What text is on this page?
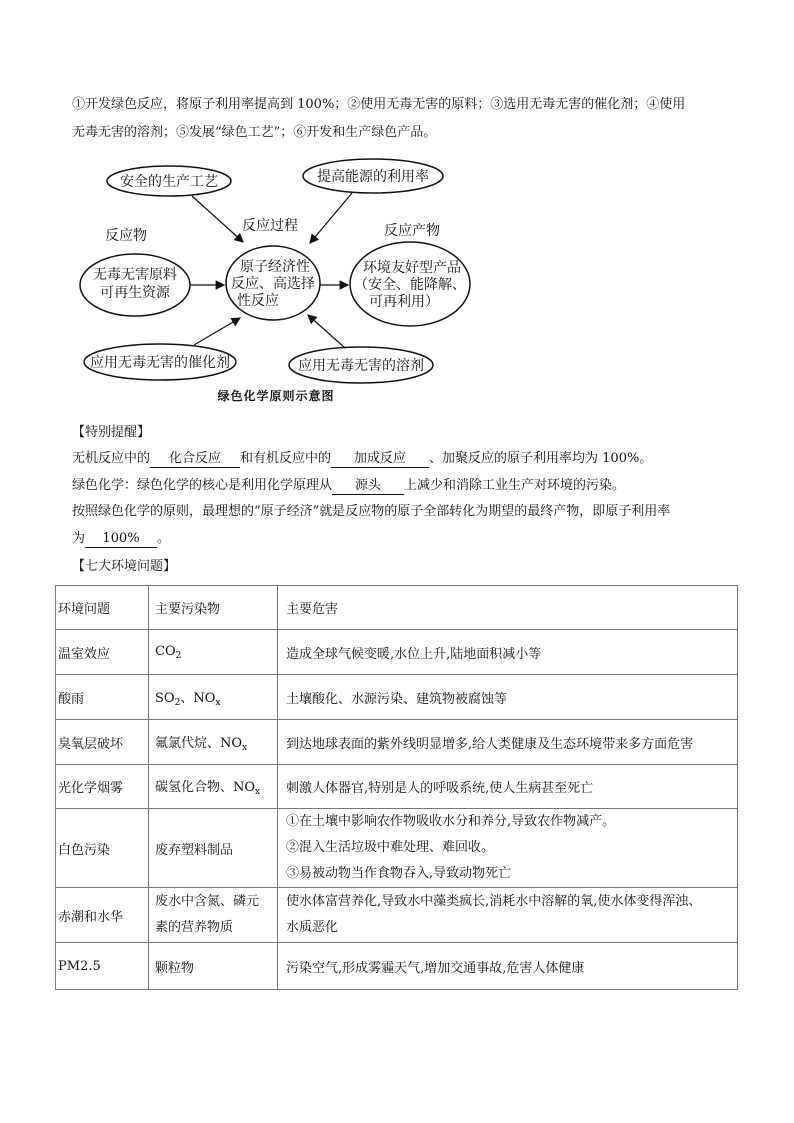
①开发绿色反应，将原子利用率提高到 100%；②使用无毒无害的原料；③选用无毒无害的催化剂；④使用
无毒无害的溶剂；⑤发展“绿色工艺”；⑥开发和生产绿色产品。
安全的生产工艺	提高能源的利用率
反应物
反应过程	反应产物
无毒无害原料
可再生资源
原子经济性
反应、高选择
性反应
环境友好型产品
（安全、能降解、
可再利用）
应用无毒无害的催化剂	应用无毒无害的溶剂
绿色化学原则示意图
【特别提醒】
无机反应中的 化合反应 和有机反应中的 加成反应 、加聚反应的原子利用率均为 100%。
绿色化学：绿色化学的核心是利用化学原理从 源头 上减少和消除工业生产对环境的污染。
按照绿色化学的原则，最理想的“原子经济”就是反应物的原子全部转化为期望的最终产物，即原子利用率
为 100% 。
【七大环境问题】
环境问题	主要污染物	主要危害
温室效应	$CO_2$	造成全球气候变暖,水位上升,陆地面积减小等
酸雨	$SO_2$、$NO_x$	土壤酸化、水源污染、建筑物被腐蚀等
臭氧层破坏	氟氯代烷、$NO_x$	到达地球表面的紫外线明显增多,给人类健康及生态环境带来多方面危害
光化学烟雾	碳氢化合物、$NO_x$	刺激人体器官,特别是人的呼吸系统,使人生病甚至死亡
白色污染	废弃塑料制品	①在土壤中影响农作物吸收水分和养分,导致农作物减产。
②混入生活垃圾中难处理、难回收。
③易被动物当作食物吞入,导致动物死亡

赤潮和水华	废水中含氮、磷元
素的营养物质	使水体富营养化,导致水中藻类疯长,消耗水中溶解的氧,使水体变得浑浊、
水质恶化

PM2.5	颗粒物	污染空气,形成雾霾天气,增加交通事故,危害人体健康
